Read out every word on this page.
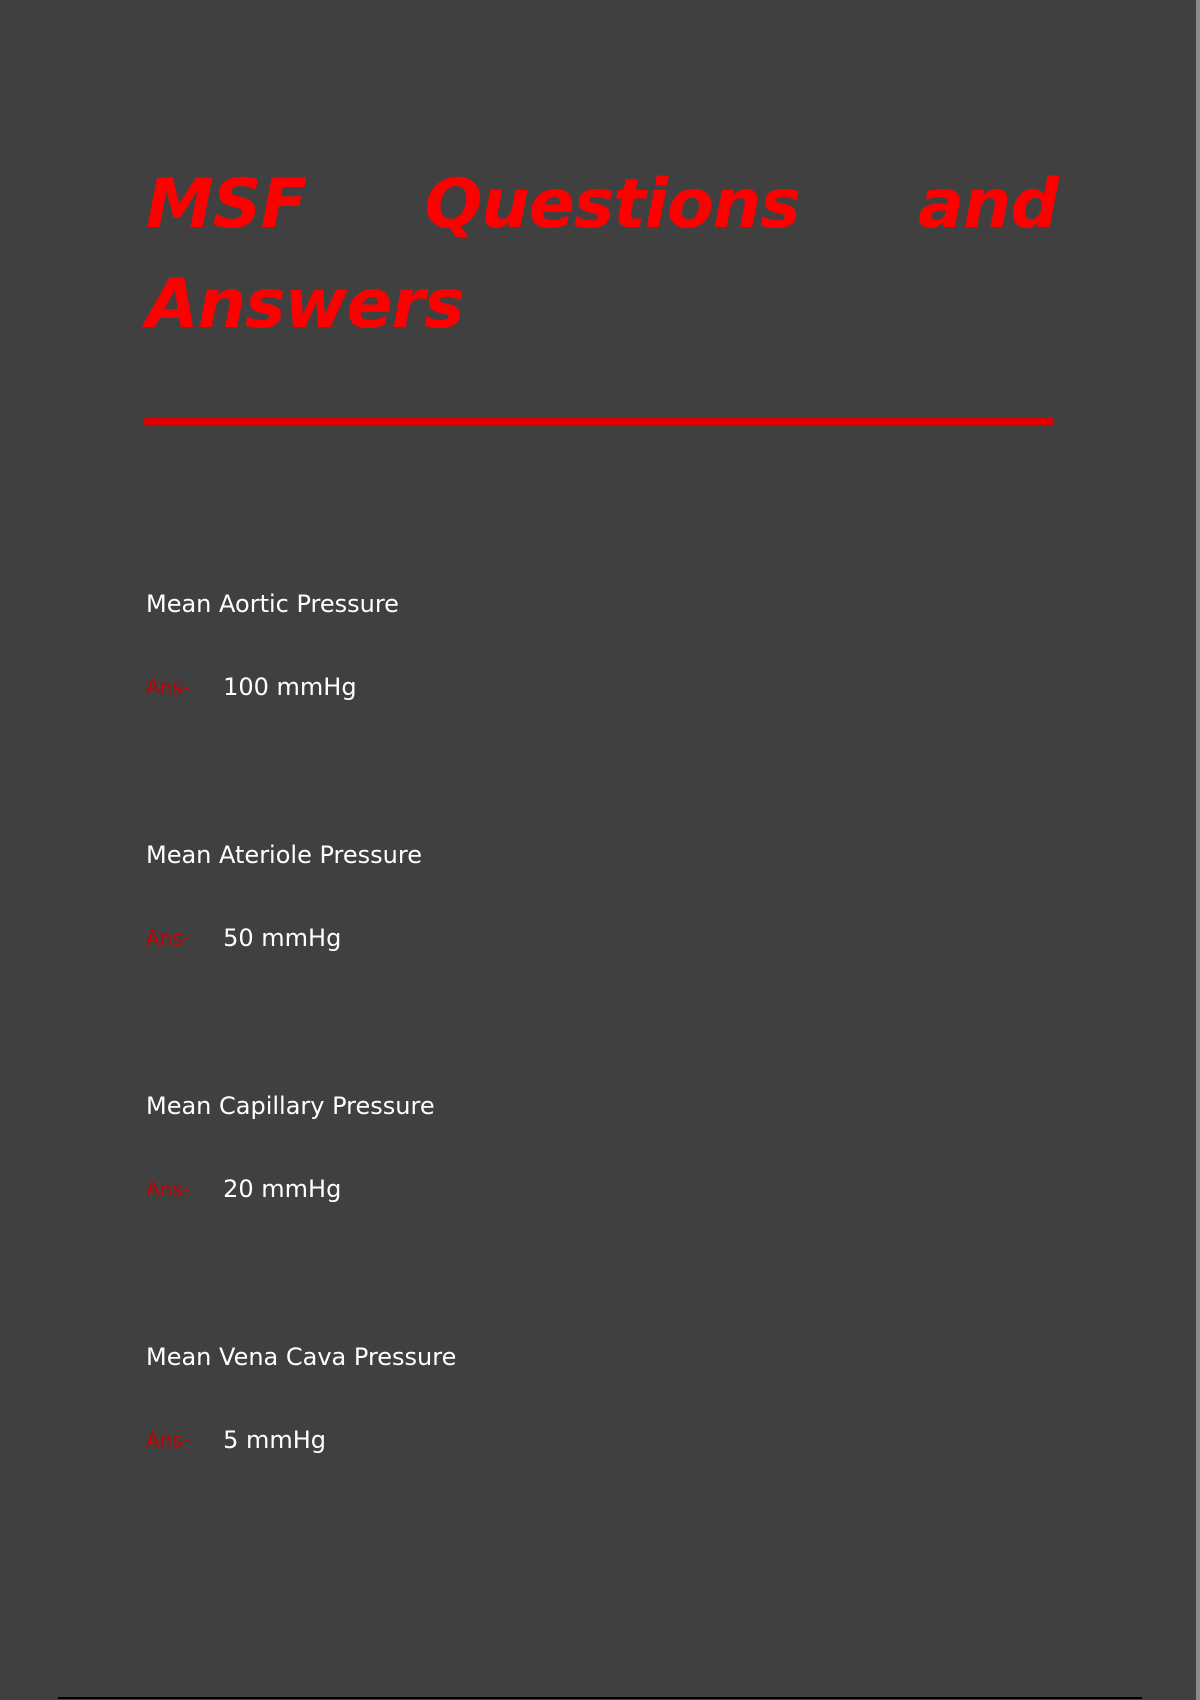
MSF Questions and Answers
Mean Aortic Pressure
Ans- 100 mmHg
Mean Ateriole Pressure
Ans- 50 mmHg
Mean Capillary Pressure
Ans- 20 mmHg
Mean Vena Cava Pressure
Ans- 5 mmHg
